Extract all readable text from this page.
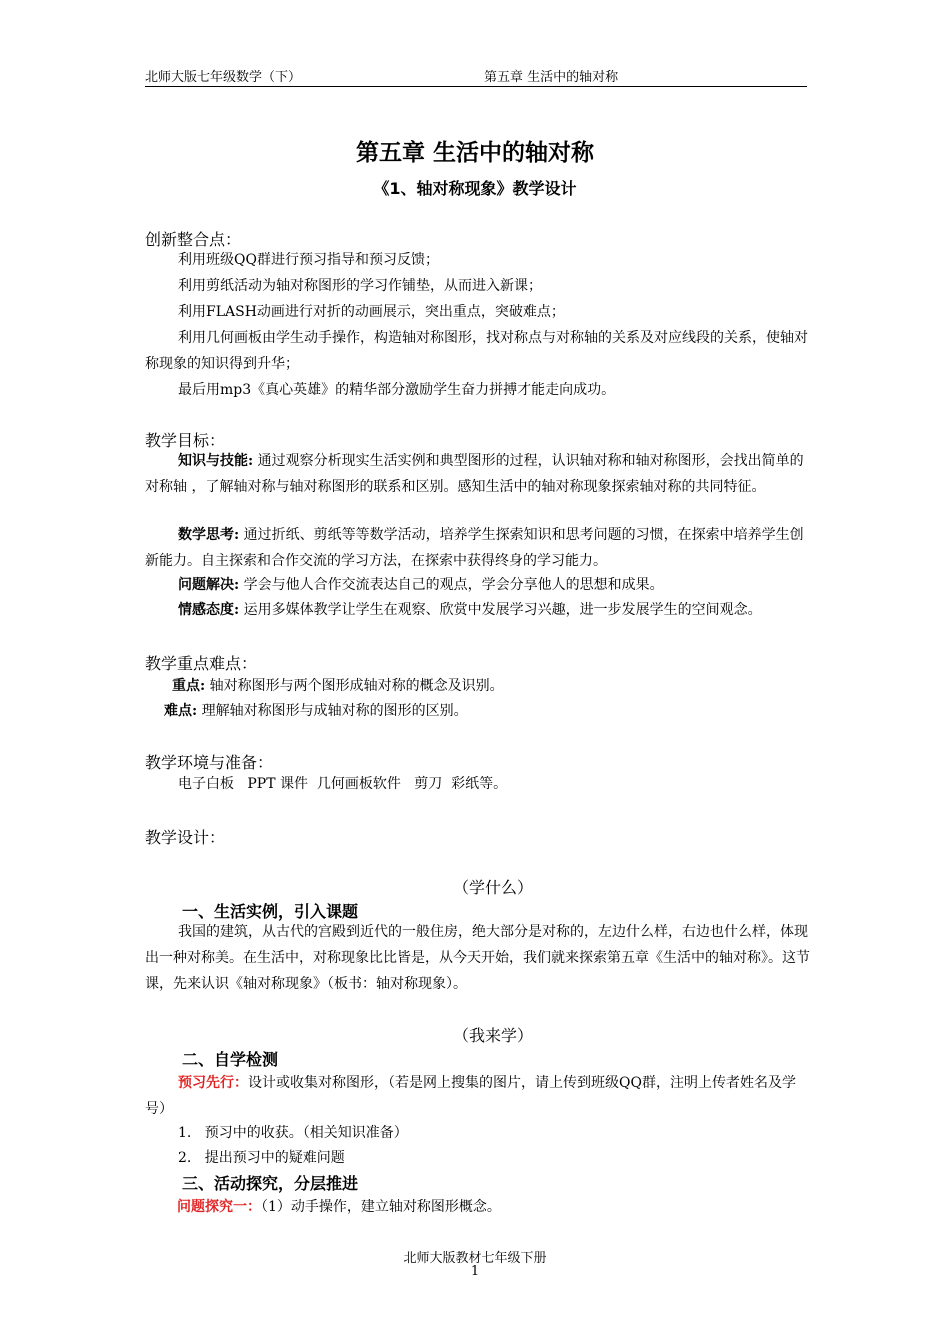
北师大版七年级数学（下）	第五章 生活中的轴对称
第五章 生活中的轴对称
《1、轴对称现象》教学设计
创新整合点：
利用班级QQ群进行预习指导和预习反馈；
利用剪纸活动为轴对称图形的学习作铺垫，从而进入新课；
利用FLASH动画进行对折的动画展示，突出重点，突破难点；
利用几何画板由学生动手操作，构造轴对称图形，找对称点与对称轴的关系及对应线段的关系，使轴对称现象的知识得到升华；
最后用mp3《真心英雄》的精华部分激励学生奋力拼搏才能走向成功。
教学目标：
知识与技能: 通过观察分析现实生活实例和典型图形的过程，认识轴对称和轴对称图形，会找出简单的对称轴 ，了解轴对称与轴对称图形的联系和区别。感知生活中的轴对称现象探索轴对称的共同特征。
数学思考: 通过折纸、剪纸等等数学活动，培养学生探索知识和思考问题的习惯，在探索中培养学生创新能力。自主探索和合作交流的学习方法，在探索中获得终身的学习能力。
问题解决: 学会与他人合作交流表达自己的观点，学会分享他人的思想和成果。
情感态度: 运用多媒体教学让学生在观察、欣赏中发展学习兴趣，进一步发展学生的空间观念。
教学重点难点：
重点: 轴对称图形与两个图形成轴对称的概念及识别。
难点: 理解轴对称图形与成轴对称的图形的区别。
教学环境与准备：
电子白板   PPT 课件  几何画板软件   剪刀  彩纸等。
教学设计：
（学什么）
一、生活实例，引入课题
我国的建筑，从古代的宫殿到近代的一般住房，绝大部分是对称的，左边什么样，右边也什么样，体现出一种对称美。在生活中，对称现象比比皆是，从今天开始，我们就来探索第五章《生活中的轴对称》。这节课，先来认识《轴对称现象》（板书：轴对称现象）。
（我来学）
二、自学检测
预习先行：设计或收集对称图形，（若是网上搜集的图片，请上传到班级QQ群，注明上传者姓名及学号）
1.   预习中的收获。（相关知识准备）
2.   提出预习中的疑难问题
三、活动探究，分层推进
问题探究一：（1）动手操作，建立轴对称图形概念。
北师大版教材七年级下册
1
